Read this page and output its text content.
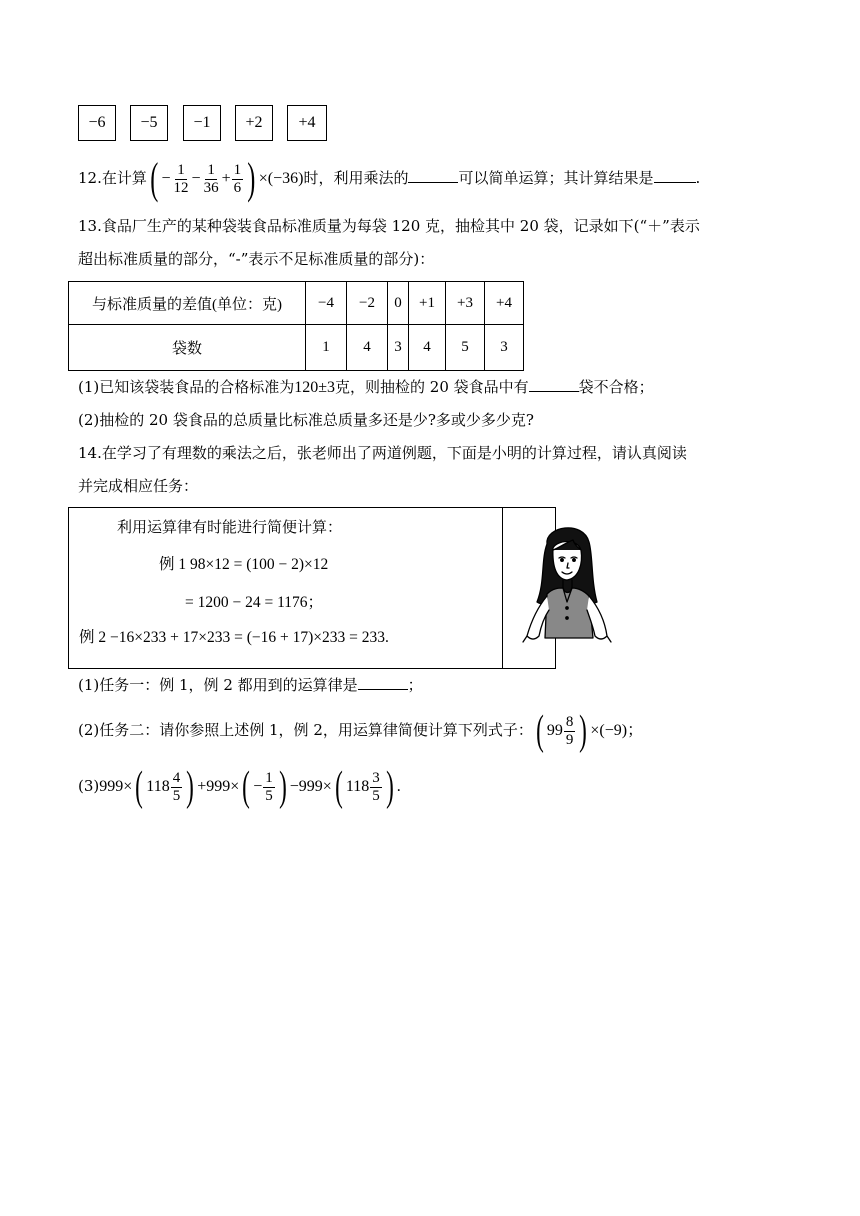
−6	−5	−1	+2	+4
12.在计算( − $\frac{1}{12} - \frac{1}{36} + \frac{1}{6}$ ) ×(−36)时，利用乘法的	可以简单运算；其计算结果是	.
13.食品厂生产的某种袋装食品标准质量为每袋 120 克，抽检其中 20 袋，记录如下(“＋”表示
超出标准质量的部分，“-”表示不足标准质量的部分)：
与标准质量的差值(单位：克)	−4	−2	0	+1	+3	+4
袋数	1	4	3	4	5	3
(1)已知该袋装食品的合格标准为120±3克，则抽检的 20 袋食品中有	袋不合格；
(2)抽检的 20 袋食品的总质量比标准总质量多还是少?多或少多少克?
14.在学习了有理数的乘法之后，张老师出了两道例题，下面是小明的计算过程，请认真阅读
并完成相应任务：
利用运算律有时能进行简便计算：
例 1 98×12 = (100 − 2)×12
= 1200 − 24 = 1176；
例 2 −16×233 + 17×233 = (−16 + 17)×233 = 233.
(1)任务一：例 1，例 2 都用到的运算律是	；
(2)任务二：请你参照上述例 1，例 2，用运算律简便计算下列式子：( $99 \frac{8}{9}$ ) ×(−9)；
(3)999×( $118 \frac{4}{5}$ ) $+999\times( - \frac{1}{5}$ ) −999×( $118 \frac{3}{5}$ ) .
